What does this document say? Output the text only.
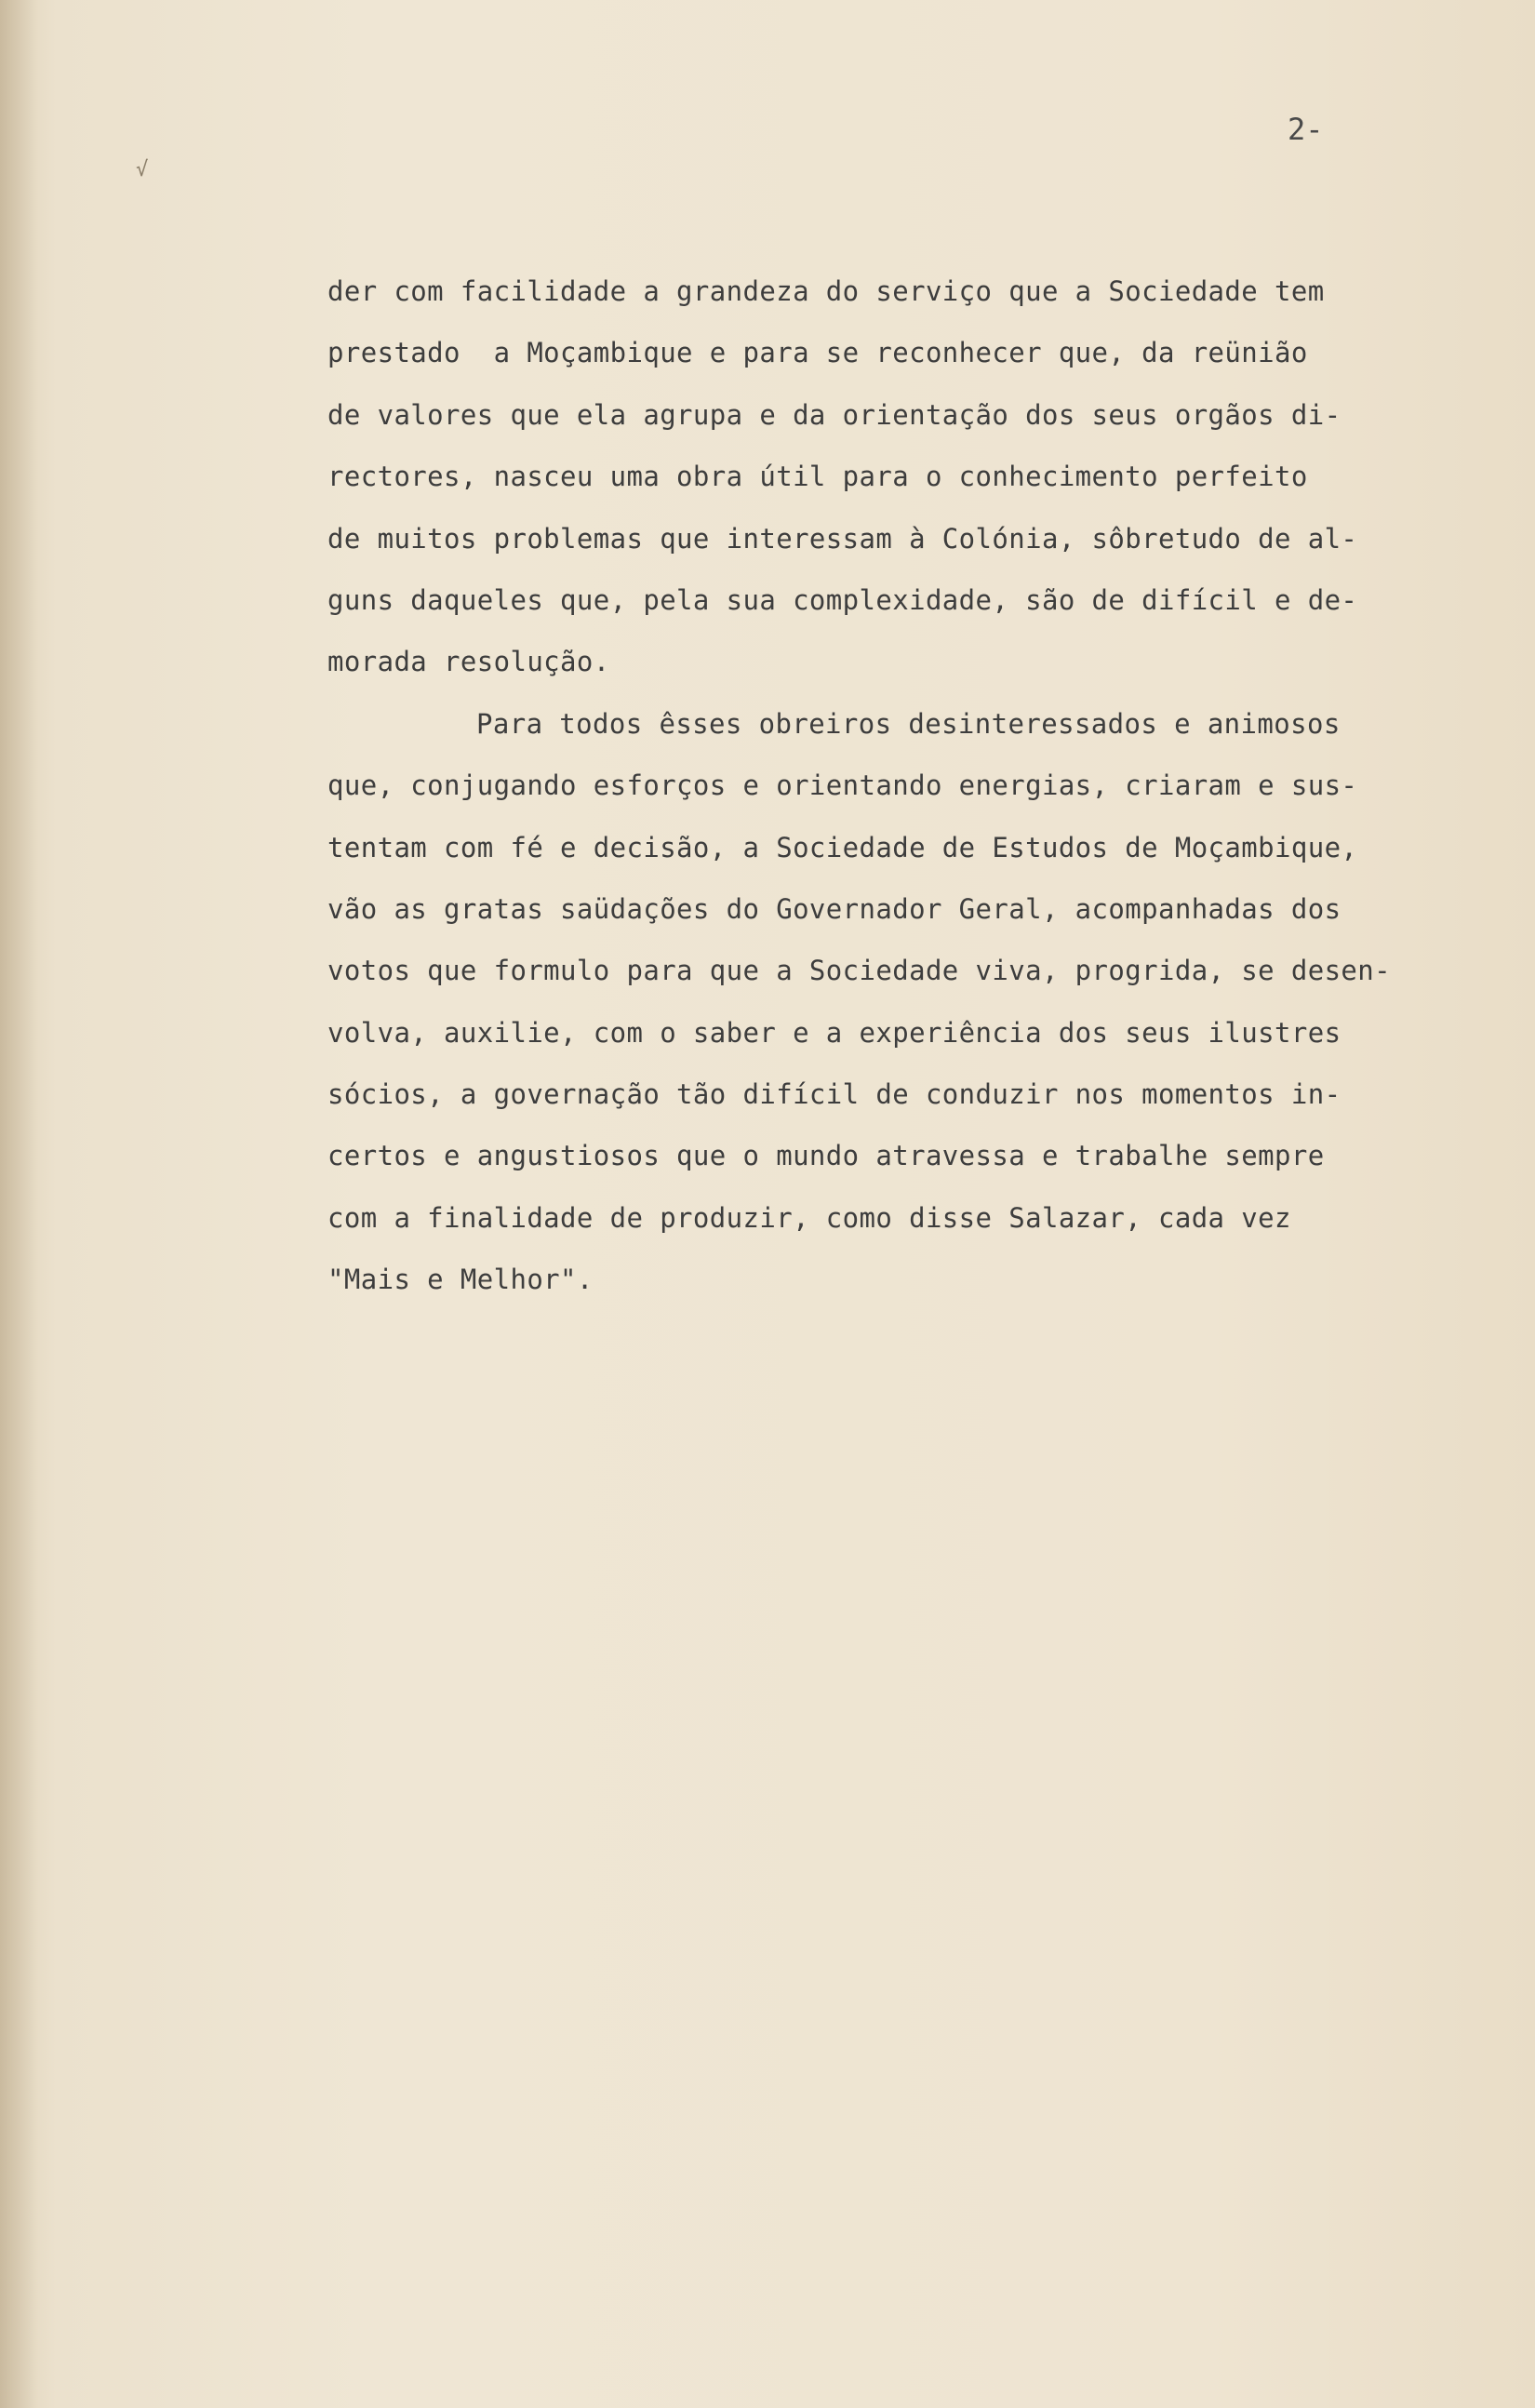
√
2-
der com facilidade a grandeza do serviço que a Sociedade tem
prestado  a Moçambique e para se reconhecer que, da reünião
de valores que ela agrupa e da orientação dos seus orgãos di-
rectores, nasceu uma obra útil para o conhecimento perfeito
de muitos problemas que interessam à Colónia, sôbretudo de al-
guns daqueles que, pela sua complexidade, são de difícil e de-
morada resolução.
Para todos êsses obreiros desinteressados e animosos
que, conjugando esforços e orientando energias, criaram e sus-
tentam com fé e decisão, a Sociedade de Estudos de Moçambique,
vão as gratas saüdações do Governador Geral, acompanhadas dos
votos que formulo para que a Sociedade viva, progrida, se desen-
volva, auxilie, com o saber e a experiência dos seus ilustres
sócios, a governação tão difícil de conduzir nos momentos in-
certos e angustiosos que o mundo atravessa e trabalhe sempre
com a finalidade de produzir, como disse Salazar, cada vez
"Mais e Melhor".
